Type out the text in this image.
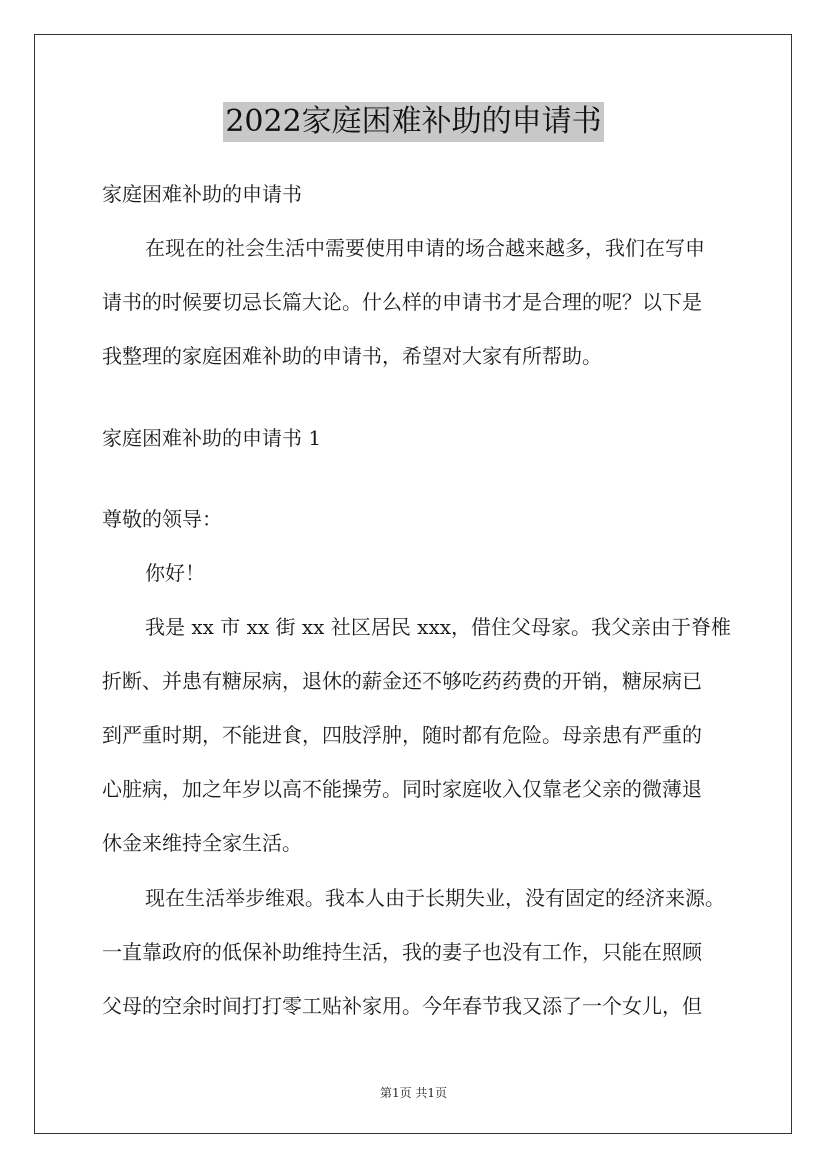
2022家庭困难补助的申请书
家庭困难补助的申请书
在现在的社会生活中需要使用申请的场合越来越多，我们在写申
请书的时候要切忌长篇大论。什么样的申请书才是合理的呢？以下是
我整理的家庭困难补助的申请书，希望对大家有所帮助。
家庭困难补助的申请书 1
尊敬的领导：
你好！
我是 xx 市 xx 街 xx 社区居民 xxx，借住父母家。我父亲由于脊椎
折断、并患有糖尿病，退休的薪金还不够吃药药费的开销，糖尿病已
到严重时期，不能进食，四肢浮肿，随时都有危险。母亲患有严重的
心脏病，加之年岁以高不能操劳。同时家庭收入仅靠老父亲的微薄退
休金来维持全家生活。
现在生活举步维艰。我本人由于长期失业，没有固定的经济来源。
一直靠政府的低保补助维持生活，我的妻子也没有工作，只能在照顾
父母的空余时间打打零工贴补家用。今年春节我又添了一个女儿，但
第1页 共1页
